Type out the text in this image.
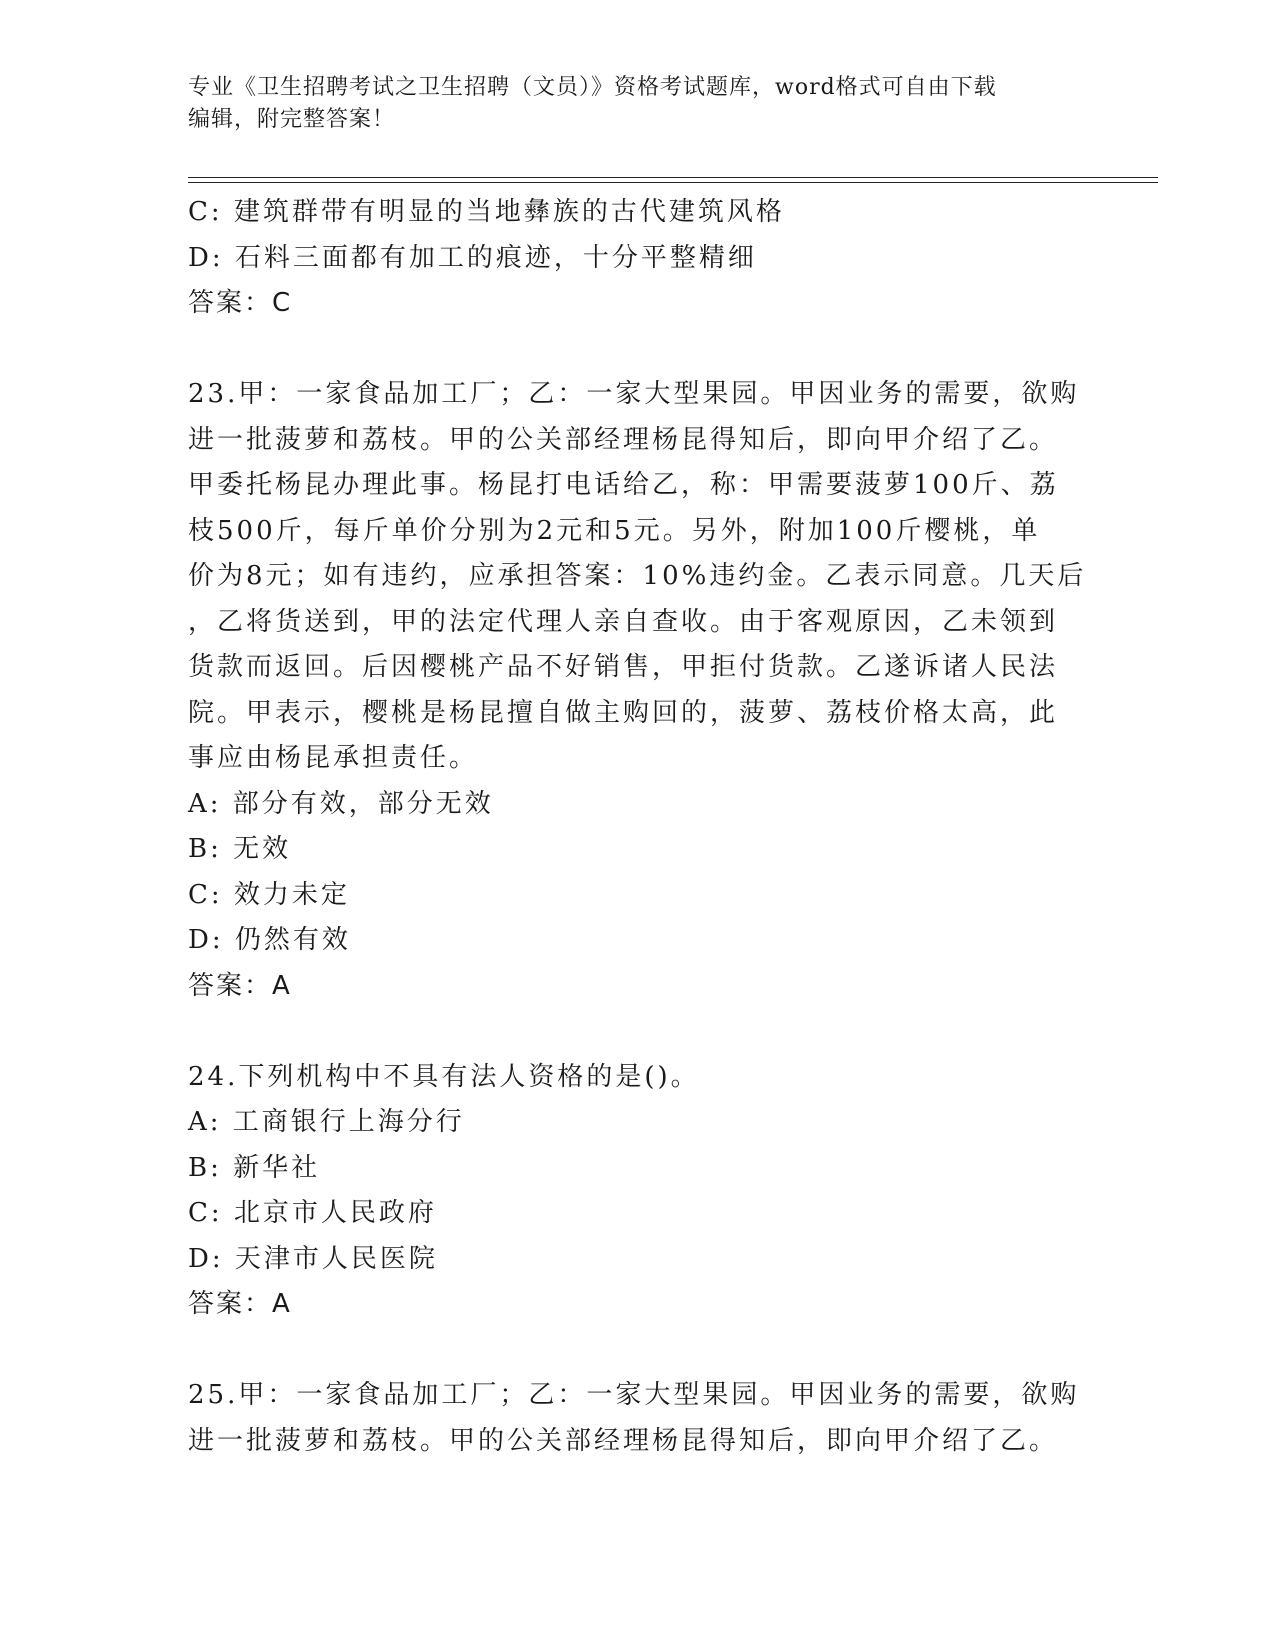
专业《卫生招聘考试之卫生招聘（文员）》资格考试题库，word格式可自由下载

编辑，附完整答案！

C: 建筑群带有明显的当地彝族的古代建筑风格
D: 石料三面都有加工的痕迹，十分平整精细
答案：C
23.甲：一家食品加工厂；乙：一家大型果园。甲因业务的需要，欲购
进一批菠萝和荔枝。甲的公关部经理杨昆得知后，即向甲介绍了乙。
甲委托杨昆办理此事。杨昆打电话给乙，称：甲需要菠萝100斤、荔
枝500斤，每斤单价分别为2元和5元。另外，附加100斤樱桃，单
价为8元；如有违约，应承担答案：10%违约金。乙表示同意。几天后
，乙将货送到，甲的法定代理人亲自查收。由于客观原因，乙未领到
货款而返回。后因樱桃产品不好销售，甲拒付货款。乙遂诉诸人民法
院。甲表示，樱桃是杨昆擅自做主购回的，菠萝、荔枝价格太高，此
事应由杨昆承担责任。
A: 部分有效，部分无效
B: 无效
C: 效力未定
D: 仍然有效
答案：A
24.下列机构中不具有法人资格的是()。
A: 工商银行上海分行
B: 新华社
C: 北京市人民政府
D: 天津市人民医院
答案：A
25.甲：一家食品加工厂；乙：一家大型果园。甲因业务的需要，欲购
进一批菠萝和荔枝。甲的公关部经理杨昆得知后，即向甲介绍了乙。
